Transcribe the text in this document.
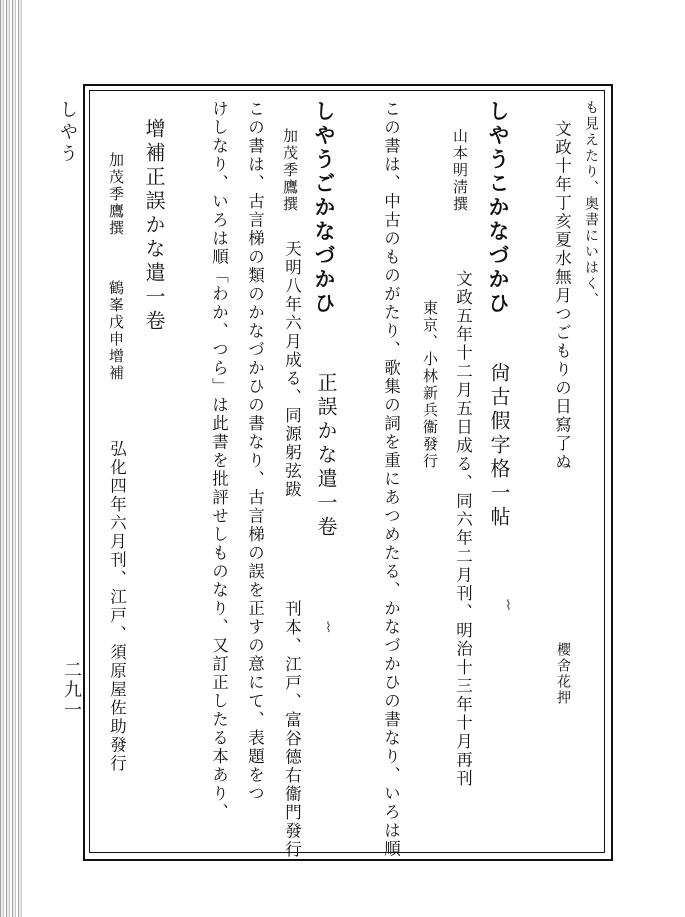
しやう
二九一
も見えたり、奥書にいはく、
文政十年丁亥夏水無月つごもりの日寫了ぬ
櫻舍花押
しやうこかなづかひ
尙古假字格一帖
山本明淸撰
文政五年十二月五日成る、同六年二月刊、明治十三年十月再刊
東京、小林新兵衞發行
この書は、中古のものがたり、歌集の詞を重にあつめたる、かなづかひの書なり、いろは順
しやうごかなづかひ
正誤かな遣一卷
加茂季鷹撰
天明八年六月成る、同源躬弦跋
刊本、江戸、富谷德右衞門發行
この書は、古言梯の類のかなづかひの書なり、古言梯の誤を正すの意にて、表題をつ
けしなり、いろは順「わか、つら」は此書を批評せしものなり、又訂正したる本あり、
增補正誤かな遣一卷
加茂季鷹撰
鶴峯戊申增補
弘化四年六月刊、江戸、須原屋佐助發行	⌇
⌇
